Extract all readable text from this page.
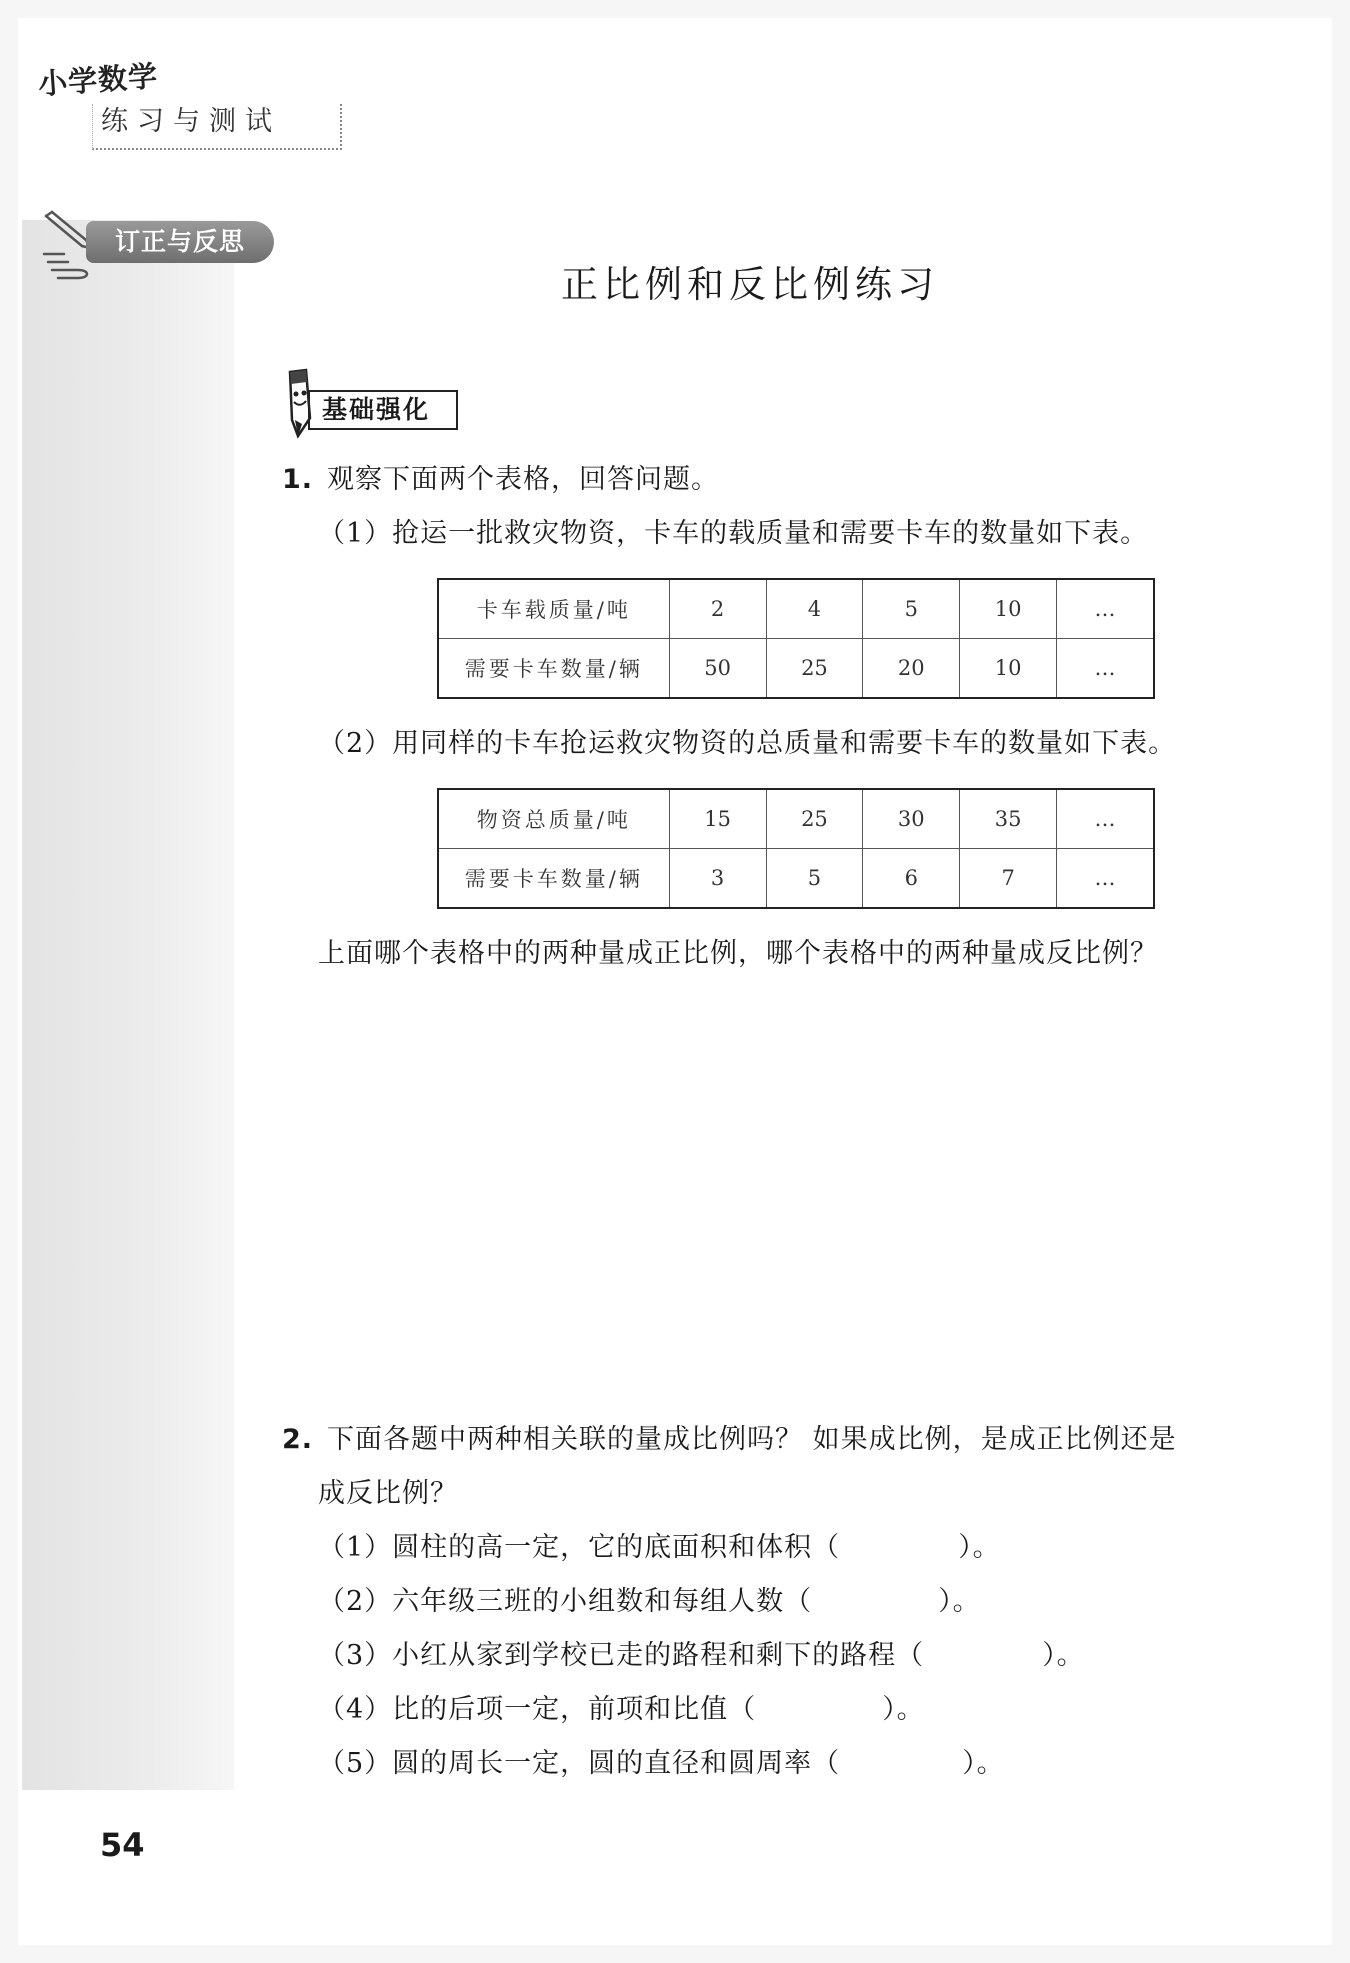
小学数学
练习与测试
订正与反思
正比例和反比例练习
基础强化
1. 观察下面两个表格，回答问题。
（1）抢运一批救灾物资，卡车的载质量和需要卡车的数量如下表。
卡车载质量/吨	2	4	5	10	…
需要卡车数量/辆	50	25	20	10	…
（2）用同样的卡车抢运救灾物资的总质量和需要卡车的数量如下表。
物资总质量/吨	15	25	30	35	…
需要卡车数量/辆	3	5	6	7	…
上面哪个表格中的两种量成正比例，哪个表格中的两种量成反比例？
2. 下面各题中两种相关联的量成比例吗？ 如果成比例，是成正比例还是
成反比例？
（1）圆柱的高一定，它的底面积和体积（	）。
（2）六年级三班的小组数和每组人数（	）。
（3）小红从家到学校已走的路程和剩下的路程（	）。
（4）比的后项一定，前项和比值（	）。
（5）圆的周长一定，圆的直径和圆周率（	）。
54
